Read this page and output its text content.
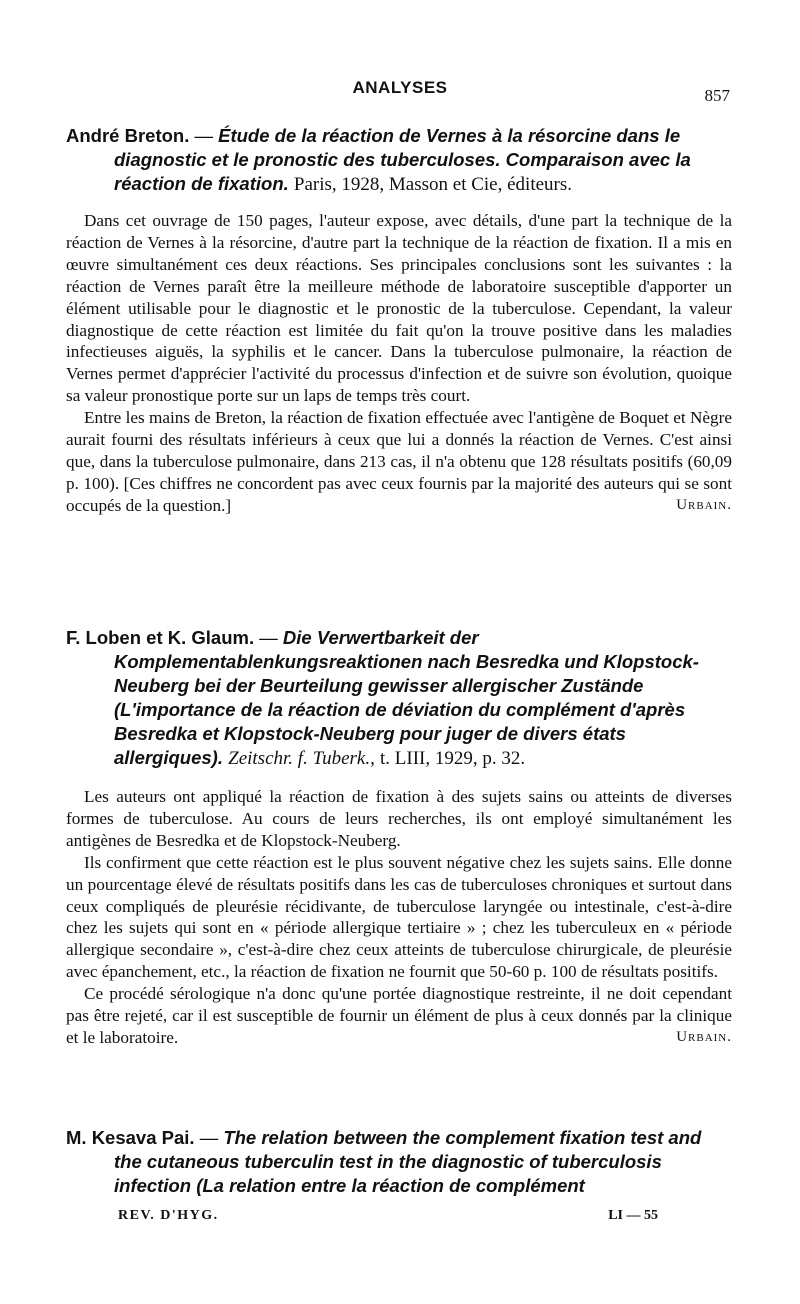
ANALYSES	857
André Breton. — Étude de la réaction de Vernes à la résorcine dans le diagnostic et le pronostic des tuberculoses. Comparaison avec la réaction de fixation. Paris, 1928, Masson et Cie, éditeurs.

Dans cet ouvrage de 150 pages, l'auteur expose, avec détails, d'une part la technique de la réaction de Vernes à la résorcine, d'autre part la technique de la réaction de fixation. Il a mis en œuvre simultanément ces deux réactions. Ses principales conclusions sont les suivantes : la réaction de Vernes paraît être la meilleure méthode de laboratoire susceptible d'apporter un élément utilisable pour le diagnostic et le pronostic de la tuberculose. Cependant, la valeur diagnostique de cette réaction est limitée du fait qu'on la trouve positive dans les maladies infectieuses aiguës, la syphilis et le cancer. Dans la tuberculose pulmonaire, la réaction de Vernes permet d'apprécier l'activité du processus d'infection et de suivre son évolution, quoique sa valeur pronostique porte sur un laps de temps très court.

Entre les mains de Breton, la réaction de fixation effectuée avec l'antigène de Boquet et Nègre aurait fourni des résultats inférieurs à ceux que lui a donnés la réaction de Vernes. C'est ainsi que, dans la tuberculose pulmonaire, dans 213 cas, il n'a obtenu que 128 résultats positifs (60,09 p. 100). [Ces chiffres ne concordent pas avec ceux fournis par la majorité des auteurs qui se sont occupés de la question.]	Urbain.

F. Loben et K. Glaum. — Die Verwertbarkeit der Komplementablenkungsreaktionen nach Besredka und Klopstock-Neuberg bei der Beurteilung gewisser allergischer Zustände (L'importance de la réaction de déviation du complément d'après Besredka et Klopstock-Neuberg pour juger de divers états allergiques). Zeitschr. f. Tuberk., t. LIII, 1929, p. 32.

Les auteurs ont appliqué la réaction de fixation à des sujets sains ou atteints de diverses formes de tuberculose. Au cours de leurs recherches, ils ont employé simultanément les antigènes de Besredka et de Klopstock-Neuberg.

Ils confirment que cette réaction est le plus souvent négative chez les sujets sains. Elle donne un pourcentage élevé de résultats positifs dans les cas de tuberculoses chroniques et surtout dans ceux compliqués de pleurésie récidivante, de tuberculose laryngée ou intestinale, c'est-à-dire chez les sujets qui sont en « période allergique tertiaire » ; chez les tuberculeux en « période allergique secondaire », c'est-à-dire chez ceux atteints de tuberculose chirurgicale, de pleurésie avec épanchement, etc., la réaction de fixation ne fournit que 50-60 p. 100 de résultats positifs.

Ce procédé sérologique n'a donc qu'une portée diagnostique restreinte, il ne doit cependant pas être rejeté, car il est susceptible de fournir un élément de plus à ceux donnés par la clinique et le laboratoire.	Urbain.

M. Kesava Pai. — The relation between the complement fixation test and the cutaneous tuberculin test in the diagnostic of tuberculosis infection (La relation entre la réaction de complément
REV. D'HYG.	LI — 55
